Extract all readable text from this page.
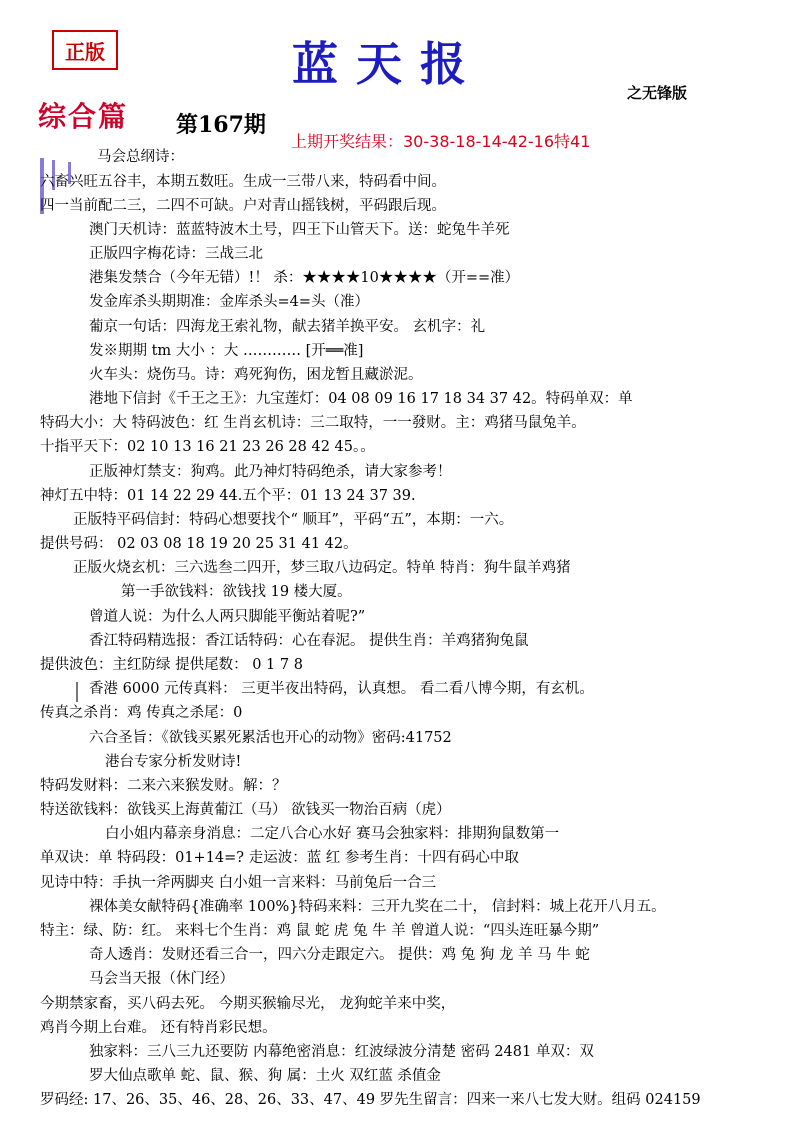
正版	蓝天报
之无锋版
综合篇 第167期
上期开奖结果：30-38-18-14-42-16特41
马会总纲诗：
六畜兴旺五谷丰，本期五数旺。生成一三带八来，特码看中间。
四一当前配二三，二四不可缺。户对青山摇钱树，平码跟后现。
澳门天机诗：蓝蓝特波木土号，四王下山管天下。送：蛇兔牛羊死
正版四字梅花诗：三战三北
港集发禁合（今年无错）!！ 杀：★★★★10★★★★（开==准）
发金库杀头期期准：金库杀头=4=头（准）
葡京一句话：四海龙王索礼物，献去猪羊换平安。 玄机字：礼
发※期期 tm 大小 ：大 ………… [开══准]
火车头：烧伤马。诗：鸡死狗伤，困龙暂且藏淤泥。
港地下信封《千王之王》：九宝莲灯：04 08 09 16 17 18 34 37 42。特码单双：单
特码大小：大 特码波色：红 生肖玄机诗：三二取特，一一發财。主：鸡猪马鼠兔羊。
十指平天下：02 10 13 16 21 23 26 28 42 45。。
正版神灯禁支：狗鸡。此乃神灯特码绝杀，请大家参考！
神灯五中特：01 14 22 29 44.五个平：01 13 24 37 39.
正版特平码信封：特码心想要找个“ 顺耳”，平码“五”，本期：一六。
提供号码： 02 03 08 18 19 20 25 31 41 42。
正版火烧玄机：三六选叁二四开，梦三取八边码定。特单 特肖：狗牛鼠羊鸡猪
第一手欲钱料：欲钱找 19 楼大厦。
曾道人说：为什么人两只脚能平衡站着呢?”
香江特码精选报：香江话特码：心在春泥。 提供生肖：羊鸡猪狗兔鼠
提供波色：主红防绿 提供尾数： 0 1 7 8
香港 6000 元传真料： 三更半夜出特码，认真想。 看二看八博今期，有玄机。
传真之杀肖：鸡 传真之杀尾：0
六合圣旨：《欲钱买累死累活也开心的动物》密码:41752
港台专家分析发财诗!
特码发财料：二来六来猴发财。解：？
特送欲钱料：欲钱买上海黄葡江（马） 欲钱买一物治百病（虎）
白小姐内幕亲身消息：二定八合心水好 赛马会独家料：排期狗鼠数第一
单双诀：单 特码段：01+14=? 走运波：蓝 红 参考生肖：十四有码心中取
见诗中特：手执一斧两脚夹 白小姐一言来料：马前兔后一合三
裸体美女献特码{准确率 100%}特码来料：三开九奖在二十， 信封料：城上花开八月五。
特主：绿、防：红。 来料七个生肖：鸡 鼠 蛇 虎 兔 牛 羊 曾道人说：“四头连旺暴今期”
奇人透肖：发财还看三合一，四六分走跟定六。 提供：鸡 兔 狗 龙 羊 马 牛 蛇
马会当天报（休门经）
今期禁家畜，买八码去死。 今期买猴输尽光， 龙狗蛇羊来中奖，
鸡肖今期上台难。 还有特肖彩民想。
独家料：三八三九还要防 内幕绝密消息：红波绿波分清楚 密码 2481 单双：双
罗大仙点歌单 蛇、鼠、猴、狗 属：土火 双红蓝 杀值金
罗码经: 17、26、35、46、28、26、33、47、49 罗先生留言：四来一来八七发大财。组码 024159
